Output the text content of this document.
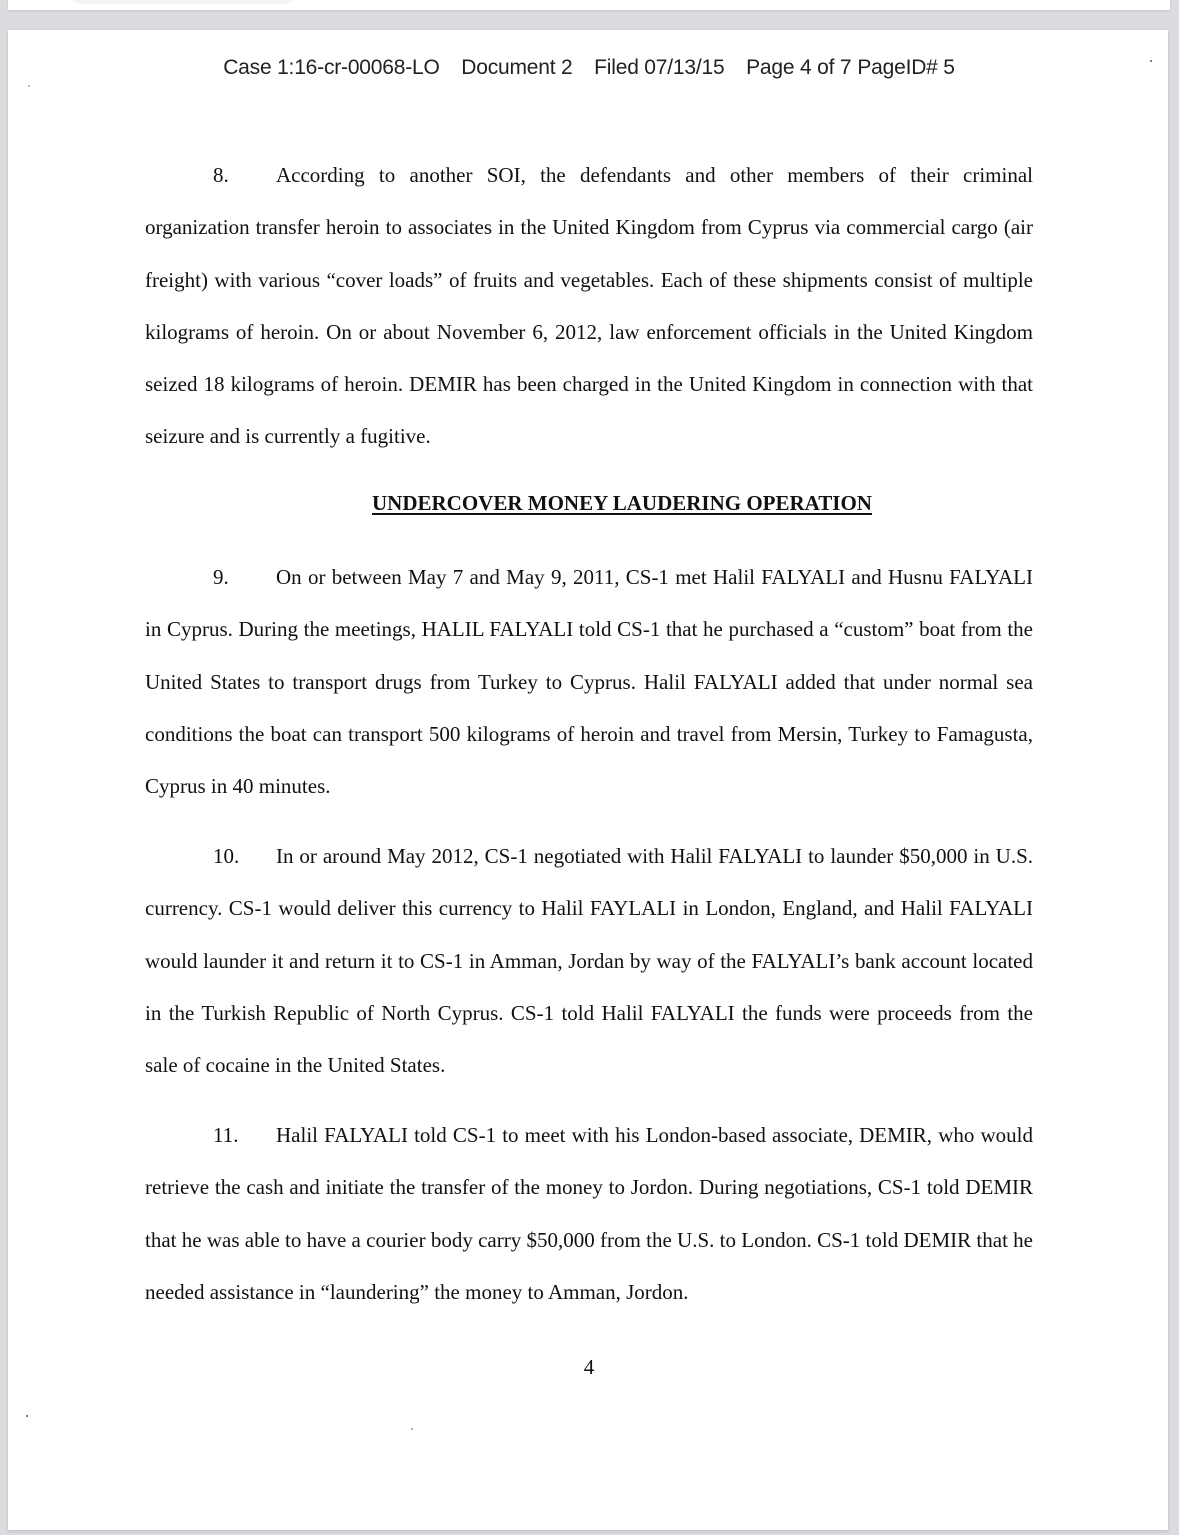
Case 1:16-cr-00068-LO Document 2 Filed 07/13/15 Page 4 of 7 PageID# 5

8. According to another SOI, the defendants and other members of their criminal organization transfer heroin to associates in the United Kingdom from Cyprus via commercial cargo (air freight) with various “cover loads” of fruits and vegetables. Each of these shipments consist of multiple kilograms of heroin. On or about November 6, 2012, law enforcement officials in the United Kingdom seized 18 kilograms of heroin. DEMIR has been charged in the United Kingdom in connection with that seizure and is currently a fugitive.

UNDERCOVER MONEY LAUDERING OPERATION

9. On or between May 7 and May 9, 2011, CS-1 met Halil FALYALI and Husnu FALYALI in Cyprus. During the meetings, HALIL FALYALI told CS-1 that he purchased a “custom” boat from the United States to transport drugs from Turkey to Cyprus. Halil FALYALI added that under normal sea conditions the boat can transport 500 kilograms of heroin and travel from Mersin, Turkey to Famagusta, Cyprus in 40 minutes.

10. In or around May 2012, CS-1 negotiated with Halil FALYALI to launder $50,000 in U.S. currency. CS-1 would deliver this currency to Halil FAYLALI in London, England, and Halil FALYALI would launder it and return it to CS-1 in Amman, Jordan by way of the FALYALI’s bank account located in the Turkish Republic of North Cyprus. CS-1 told Halil FALYALI the funds were proceeds from the sale of cocaine in the United States.

11. Halil FALYALI told CS-1 to meet with his London-based associate, DEMIR, who would retrieve the cash and initiate the transfer of the money to Jordon. During negotiations, CS-1 told DEMIR that he was able to have a courier body carry $50,000 from the U.S. to London. CS-1 told DEMIR that he needed assistance in “laundering” the money to Amman, Jordon.

4
